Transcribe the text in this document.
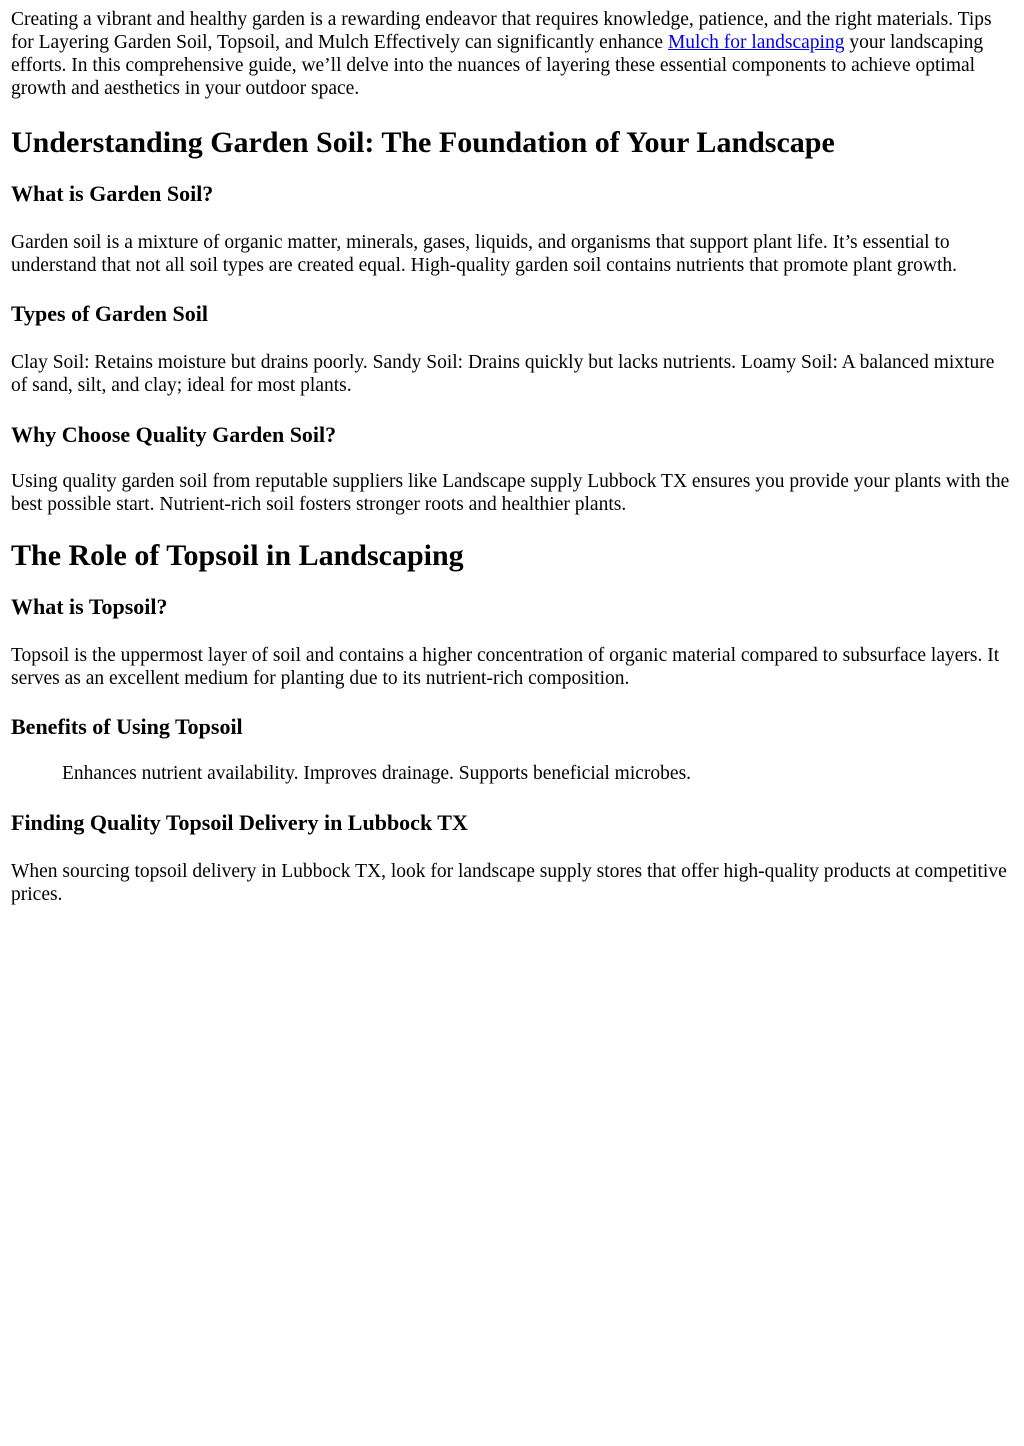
Creating a vibrant and healthy garden is a rewarding endeavor that requires knowledge, patience, and the right materials. Tips for Layering Garden Soil, Topsoil, and Mulch Effectively can significantly enhance Mulch for landscaping your landscaping efforts. In this comprehensive guide, we’ll delve into the nuances of layering these essential components to achieve optimal growth and aesthetics in your outdoor space.

Understanding Garden Soil: The Foundation of Your Landscape
What is Garden Soil?

Garden soil is a mixture of organic matter, minerals, gases, liquids, and organisms that support plant life. It’s essential to understand that not all soil types are created equal. High-quality garden soil contains nutrients that promote plant growth.

Types of Garden Soil

Clay Soil: Retains moisture but drains poorly. Sandy Soil: Drains quickly but lacks nutrients. Loamy Soil: A balanced mixture of sand, silt, and clay; ideal for most plants.

Why Choose Quality Garden Soil?

Using quality garden soil from reputable suppliers like Landscape supply Lubbock TX ensures you provide your plants with the best possible start. Nutrient-rich soil fosters stronger roots and healthier plants.

The Role of Topsoil in Landscaping
What is Topsoil?

Topsoil is the uppermost layer of soil and contains a higher concentration of organic material compared to subsurface layers. It serves as an excellent medium for planting due to its nutrient-rich composition.

Benefits of Using Topsoil

Enhances nutrient availability. Improves drainage. Supports beneficial microbes.

Finding Quality Topsoil Delivery in Lubbock TX

When sourcing topsoil delivery in Lubbock TX, look for landscape supply stores that offer high-quality products at competitive prices.
